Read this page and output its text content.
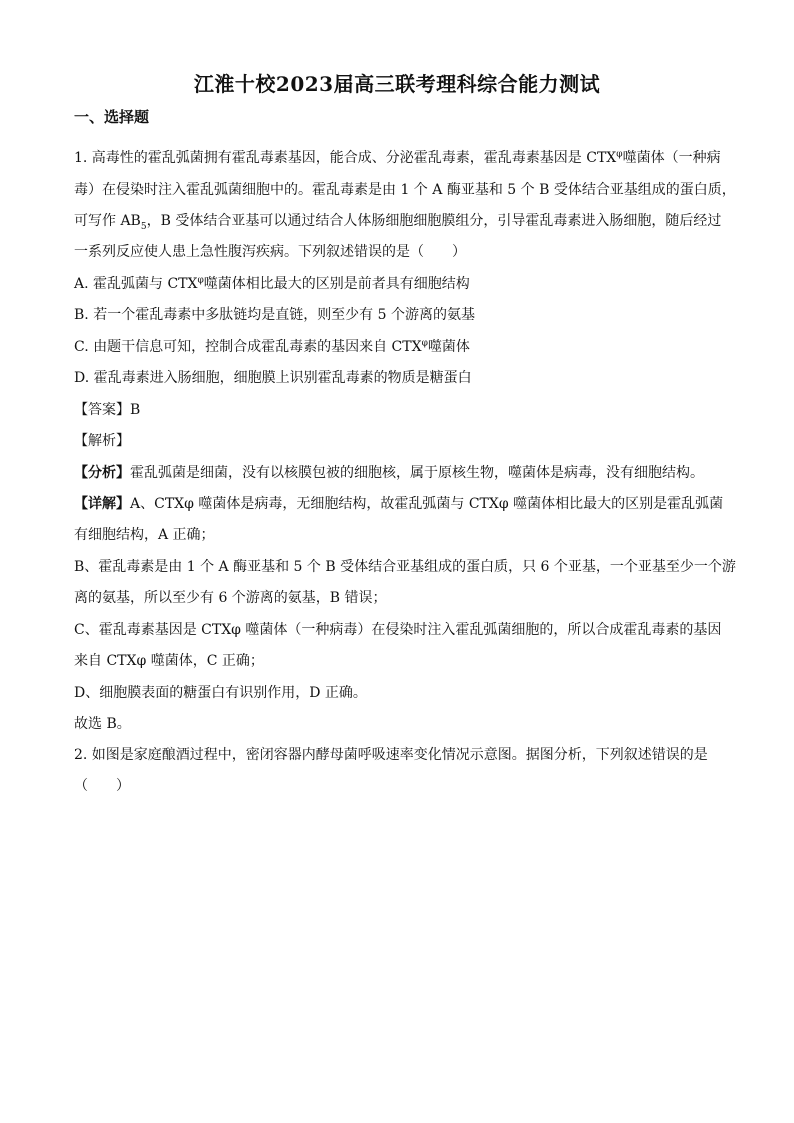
江淮十校2023届高三联考理科综合能力测试
一、选择题
1. 高毒性的霍乱弧菌拥有霍乱毒素基因，能合成、分泌霍乱毒素，霍乱毒素基因是 $CTX^\varphi$噬菌体（一种病
毒）在侵染时注入霍乱弧菌细胞中的。霍乱毒素是由 1 个 A 酶亚基和 5 个 B 受体结合亚基组成的蛋白质，
可写作 $AB_5$，B 受体结合亚基可以通过结合人体肠细胞细胞膜组分，引导霍乱毒素进入肠细胞，随后经过
一系列反应使人患上急性腹泻疾病。下列叙述错误的是（　　）
A. 霍乱弧菌与 $CTX^\varphi$噬菌体相比最大的区别是前者具有细胞结构
B. 若一个霍乱毒素中多肽链均是直链，则至少有 5 个游离的氨基
C. 由题干信息可知，控制合成霍乱毒素的基因来自 $CTX^\varphi$噬菌体
D. 霍乱毒素进入肠细胞，细胞膜上识别霍乱毒素的物质是糖蛋白
【答案】B
【解析】
【分析】霍乱弧菌是细菌，没有以核膜包被的细胞核，属于原核生物，噬菌体是病毒，没有细胞结构。
【详解】A、CTXφ 噬菌体是病毒，无细胞结构，故霍乱弧菌与 CTXφ 噬菌体相比最大的区别是霍乱弧菌
有细胞结构，A 正确；
B、霍乱毒素是由 1 个 A 酶亚基和 5 个 B 受体结合亚基组成的蛋白质，只 6 个亚基，一个亚基至少一个游
离的氨基，所以至少有 6 个游离的氨基，B 错误；
C、霍乱毒素基因是 CTXφ 噬菌体（一种病毒）在侵染时注入霍乱弧菌细胞的，所以合成霍乱毒素的基因
来自 CTXφ 噬菌体，C 正确；
D、细胞膜表面的糖蛋白有识别作用，D 正确。
故选 B。
2. 如图是家庭酿酒过程中，密闭容器内酵母菌呼吸速率变化情况示意图。据图分析，下列叙述错误的是
（　　）
